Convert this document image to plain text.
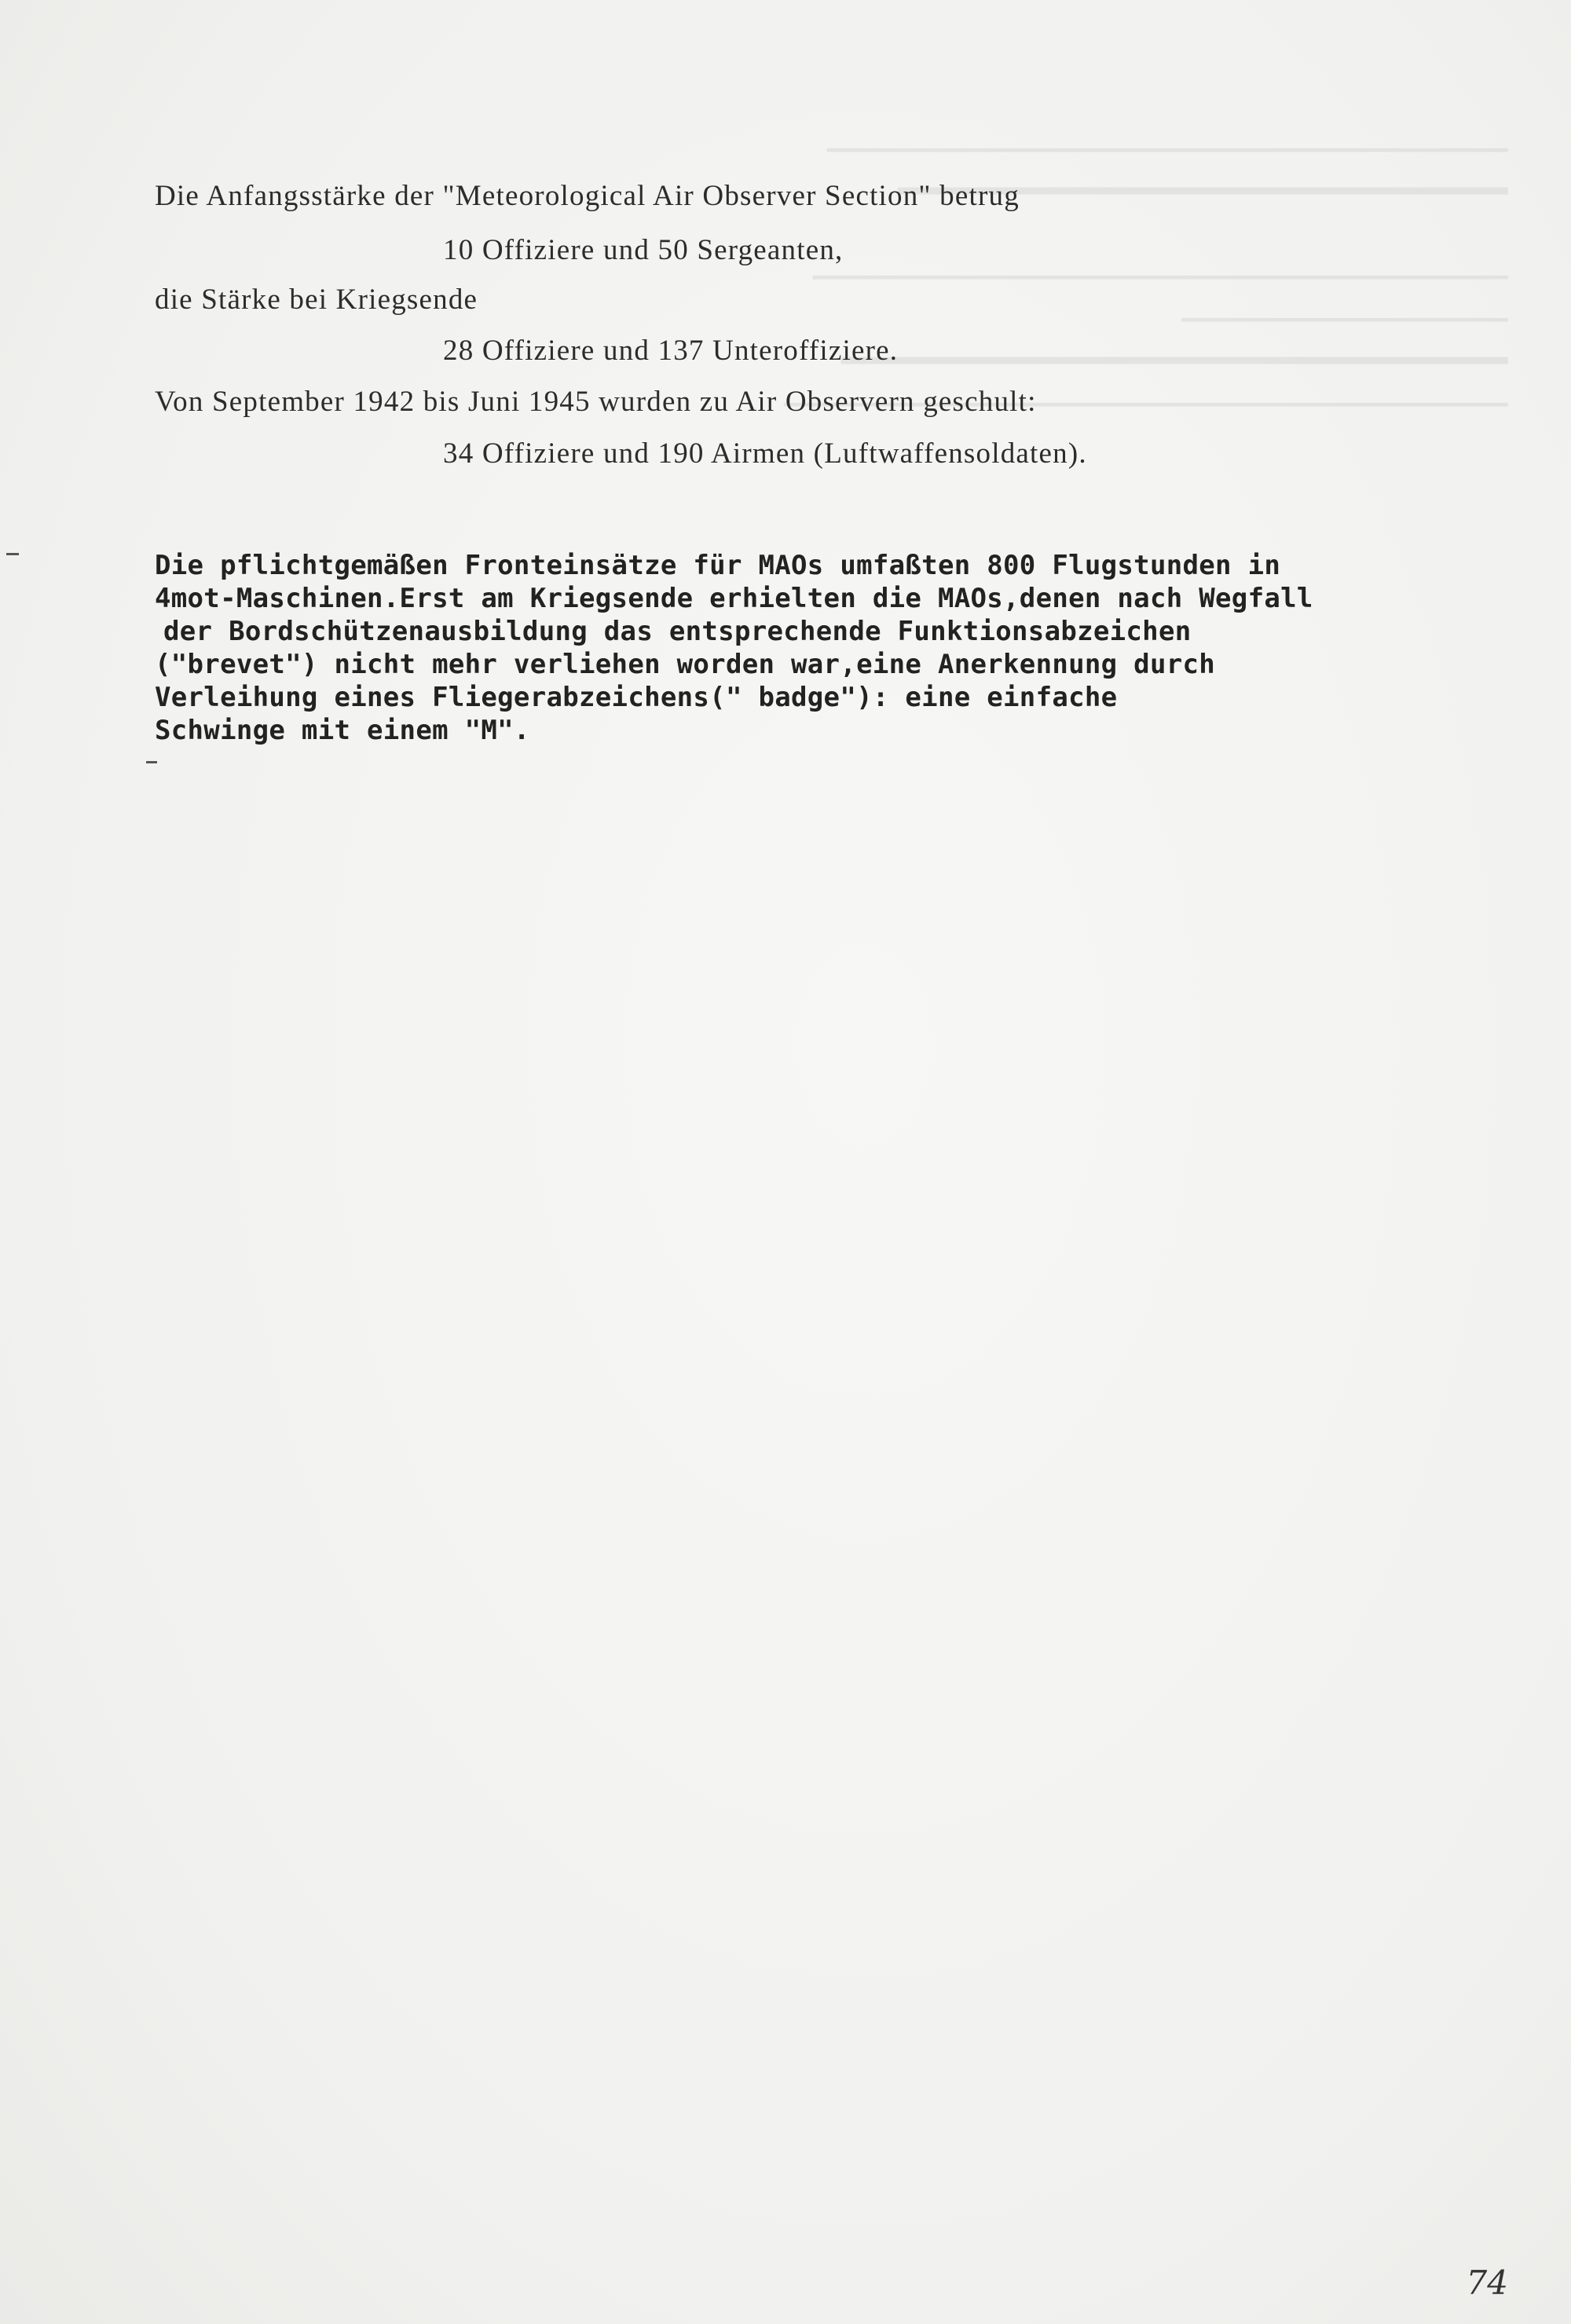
▁▁▁▁▁▁▁▁▁▁▁▁▁▁▁▁▁▁▁▁▁▁▁▁▁▁▁▁▁▁▁▁▁▁▁▁▁▁▁▁▁▁▁▁▁▁▁▁
▂▂▂▂▂▂▂▂▂▂▂▂▂▂▂▂▂▂▂▂▂▂▂▂▂▂▂▂▂▂▂▂▂▂▂▂▂▂▂▂▂▂▂
▁▁▁▁▁▁▁▁▁▁▁▁▁▁▁▁▁▁▁▁▁▁▁▁▁▁▁▁▁▁▁▁▁▁▁▁▁▁▁▁▁▁▁▁▁▁▁▁▁
▁▁▁▁▁▁▁▁▁▁▁▁▁▁▁▁▁▁▁▁▁▁▁
▂▂▂▂▂▂▂▂▂▂▂▂▂▂▂▂▂▂▂▂▂▂▂▂▂▂▂▂▂▂▂▂▂▂▂▂▂▂▂▂▂▂▂▂▂▂▂
▁▁▁▁▁▁▁▁▁▁▁▁▁▁▁▁▁▁▁▁▁▁▁▁▁▁▁▁▁▁▁▁▁▁▁▁▁▁▁▁▁▁▁▁▁▁▁▁▁▁▁
Die Anfangsstärke der "Meteorological Air Observer Section" betrug
10 Offiziere und 50 Sergeanten,
die Stärke bei Kriegsende
28 Offiziere und 137 Unteroffiziere.
Von September 1942 bis Juni 1945 wurden zu Air Observern geschult:
34 Offiziere und 190 Airmen (Luftwaffensoldaten).
Die pflichtgemäßen Fronteinsätze für MAOs umfaßten 800 Flugstunden in
4mot-Maschinen.Erst am Kriegsende erhielten die MAOs,denen nach Wegfall
der Bordschützenausbildung das entsprechende Funktionsabzeichen
("brevet") nicht mehr verliehen worden war,eine Anerkennung durch
Verleihung eines Fliegerabzeichens(" badge"): eine einfache
Schwinge mit einem "M".
74
